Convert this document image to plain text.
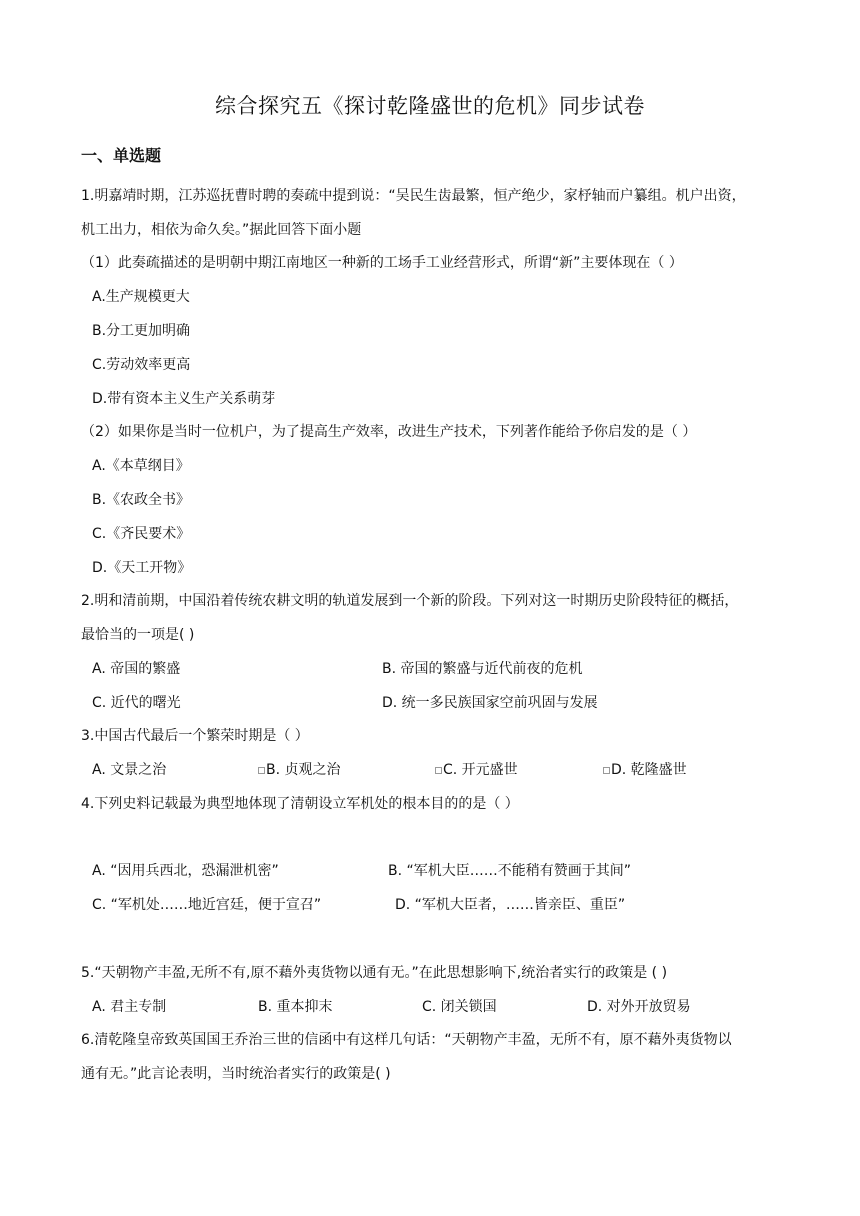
综合探究五《探讨乾隆盛世的危机》同步试卷
一、单选题
1.明嘉靖时期，江苏巡抚曹时聘的奏疏中提到说：“吴民生齿最繁，恒产绝少，家杼轴而户纂组。机户出资，
机工出力，相依为命久矣。”据此回答下面小题
（1）此奏疏描述的是明朝中期江南地区一种新的工场手工业经营形式，所谓“新”主要体现在（ ）
A.生产规模更大
B.分工更加明确
C.劳动效率更高
D.带有资本主义生产关系萌芽
（2）如果你是当时一位机户，为了提高生产效率，改进生产技术，下列著作能给予你启发的是（ ）
A.《本草纲目》
B.《农政全书》
C.《齐民要术》
D.《天工开物》
2.明和清前期，中国沿着传统农耕文明的轨道发展到一个新的阶段。下列对这一时期历史阶段特征的概括，
最恰当的一项是( )
A. 帝国的繁盛	B. 帝国的繁盛与近代前夜的危机
C. 近代的曙光	D. 统一多民族国家空前巩固与发展
3.中国古代最后一个繁荣时期是（ ）
A. 文景之治	B. 贞观之治	C. 开元盛世	D. 乾隆盛世
4.下列史料记载最为典型地体现了清朝设立军机处的根本目的的是（ ）
A. “因用兵西北，恐漏泄机密”	B. “军机大臣……不能稍有赞画于其间”
C. “军机处……地近宫廷，便于宣召”	D. “军机大臣者，……皆亲臣、重臣”
5.“天朝物产丰盈,无所不有,原不藉外夷货物以通有无。”在此思想影响下,统治者实行的政策是 ( )
A. 君主专制	B. 重本抑末	C. 闭关锁国	D. 对外开放贸易
6.清乾隆皇帝致英国国王乔治三世的信函中有这样几句话：“天朝物产丰盈，无所不有，原不藉外夷货物以
通有无。”此言论表明，当时统治者实行的政策是( )
